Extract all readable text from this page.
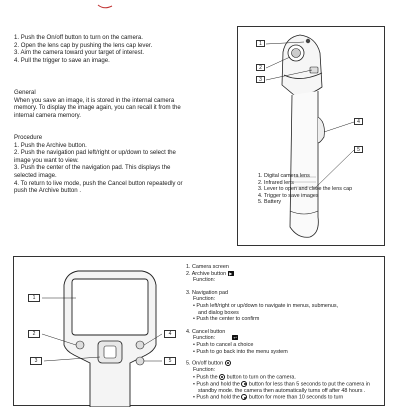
1. Push the On/off button to turn on the camera.
2. Open the lens cap by pushing the lens cap lever.
3. Aim the camera toward your target of interest.
4. Pull the trigger to save an image.
General
When you save an image, it is stored in the internal camera
memory. To display the image again, you can recall it from the
internal camera memory.
Procedure
1. Push the Archive button.
2. Push the navigation pad left/right or up/down to select the
image you want to view.
3. Push the center of the navigation pad. This displays the
selected image.
4. To return to live mode, push the Cancel button repeatedly or
push the Archive button .
1
2
3
4
5
1. Digital camera lens
2. Infrared lens
3. Lever to open and close the lens cap
4. Trigger to save images
5. Battery
1
2
3
4
5
1. Camera screen
2. Archive button ▶
Function:
3. Navigation pad
Function:
• Push left/right or up/down to navigate in menus, submenus,
and dialog boxes
• Push the center to confirm
4. Cancel button
Function:	↩
• Push to cancel a choice
• Push to go back into the menu system
5. On/off button
Function:
• Push the button to turn on the camera.
• Push and hold the button for less than 5 seconds to put the camera in
standby mode. the camera then automatically turns off after 48 hours .
• Push and hold the button for more than 10 seconds to turn
